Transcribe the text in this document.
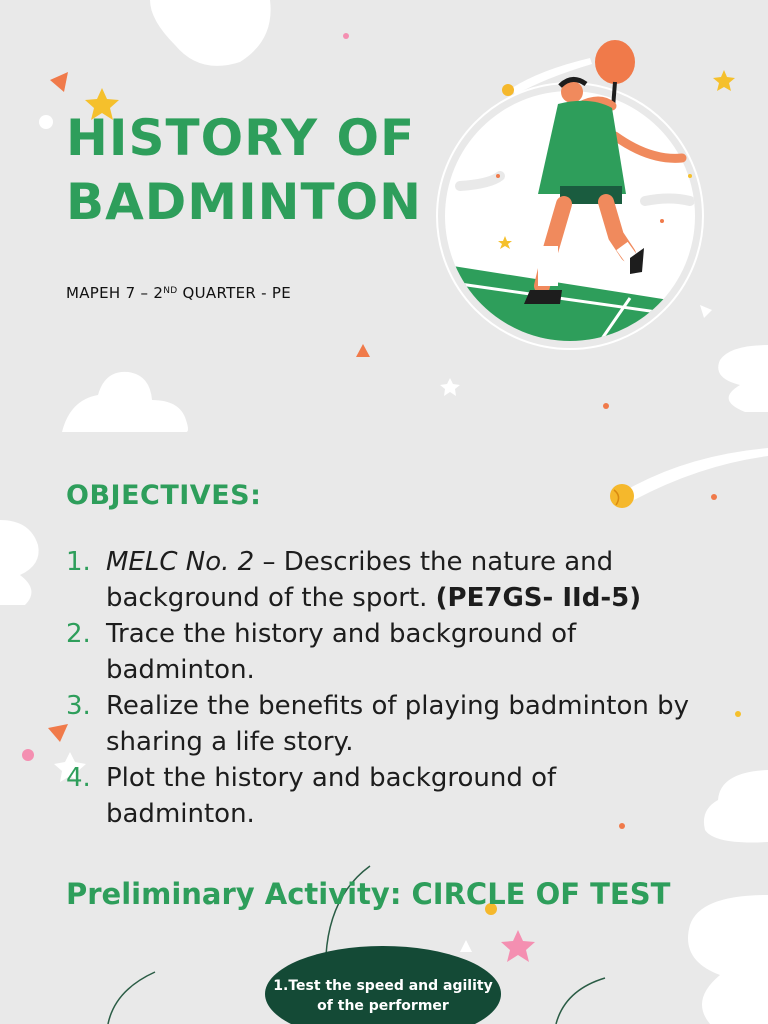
HISTORY OF BADMINTON
MAPEH 7 – 2ND QUARTER - PE
OBJECTIVES:
1. MELC No. 2 – Describes the nature and background of the sport. (PE7GS- IId-5)
2. Trace the history and background of badminton.
3. Realize the benefits of playing badminton by sharing a life story.
4. Plot the history and background of badminton.
Preliminary Activity: CIRCLE OF TEST
1.Test the speed and agility of the performer
